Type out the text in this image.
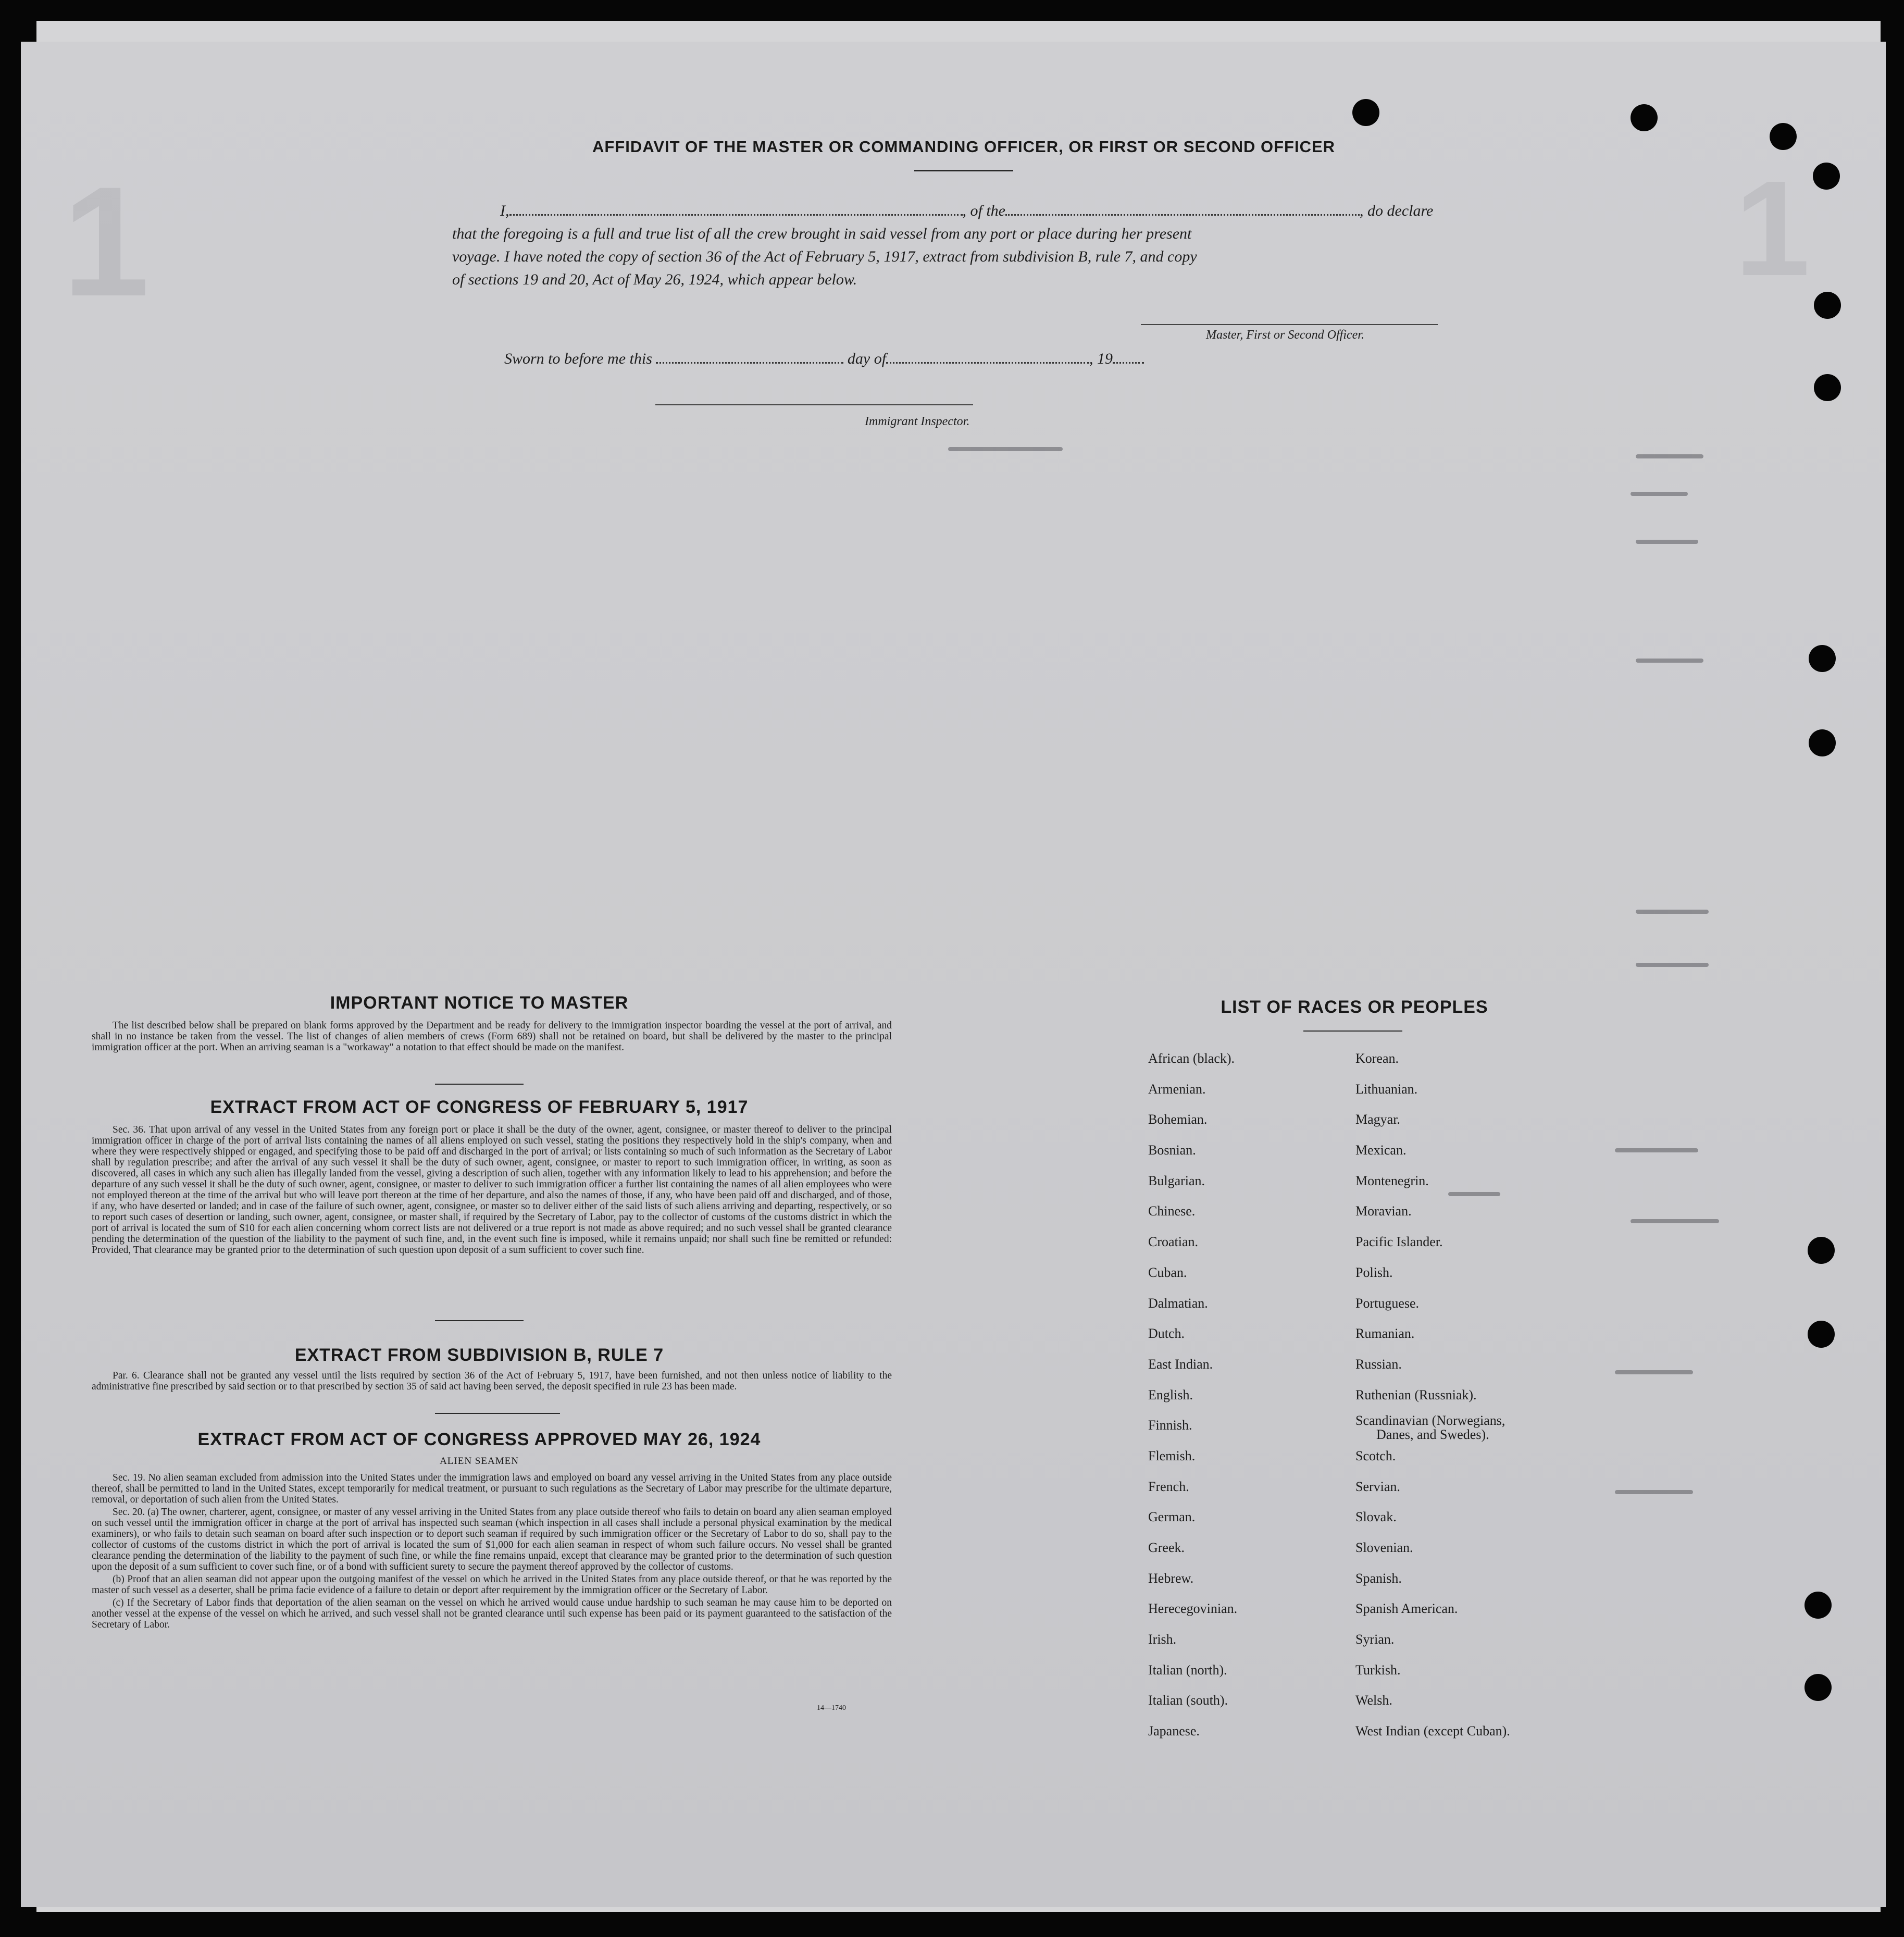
1	1
AFFIDAVIT OF THE MASTER OR COMMANDING OFFICER, OR FIRST OR SECOND OFFICER
I,	, of the	, do declare
that the foregoing is a full and true list of all the crew brought in said vessel from any port or place during her present
voyage. I have noted the copy of section 36 of the Act of February 5, 1917, extract from subdivision B, rule 7, and copy
of sections 19 and 20, Act of May 26, 1924, which appear below.
Master, First or Second Officer.
Sworn to before me this	day of	, 19
Immigrant Inspector.
IMPORTANT NOTICE TO MASTER

The list described below shall be prepared on blank forms approved by the Department and be ready for delivery to the immigration inspector boarding the vessel at the port of arrival, and shall in no instance be taken from the vessel. The list of changes of alien members of crews (Form 689) shall not be retained on board, but shall be delivered by the master to the principal immigration officer at the port. When an arriving seaman is a "workaway" a notation to that effect should be made on the manifest.

EXTRACT FROM ACT OF CONGRESS OF FEBRUARY 5, 1917

Sec. 36. That upon arrival of any vessel in the United States from any foreign port or place it shall be the duty of the owner, agent, consignee, or master thereof to deliver to the principal immigration officer in charge of the port of arrival lists containing the names of all aliens employed on such vessel, stating the positions they respectively hold in the ship's company, when and where they were respectively shipped or engaged, and specifying those to be paid off and discharged in the port of arrival; or lists containing so much of such information as the Secretary of Labor shall by regulation prescribe; and after the arrival of any such vessel it shall be the duty of such owner, agent, consignee, or master to report to such immigration officer, in writing, as soon as discovered, all cases in which any such alien has illegally landed from the vessel, giving a description of such alien, together with any information likely to lead to his apprehension; and before the departure of any such vessel it shall be the duty of such owner, agent, consignee, or master to deliver to such immigration officer a further list containing the names of all alien employees who were not employed thereon at the time of the arrival but who will leave port thereon at the time of her departure, and also the names of those, if any, who have been paid off and discharged, and of those, if any, who have deserted or landed; and in case of the failure of such owner, agent, consignee, or master so to deliver either of the said lists of such aliens arriving and departing, respectively, or so to report such cases of desertion or landing, such owner, agent, consignee, or master shall, if required by the Secretary of Labor, pay to the collector of customs of the customs district in which the port of arrival is located the sum of $10 for each alien concerning whom correct lists are not delivered or a true report is not made as above required; and no such vessel shall be granted clearance pending the determination of the question of the liability to the payment of such fine, and, in the event such fine is imposed, while it remains unpaid; nor shall such fine be remitted or refunded: Provided, That clearance may be granted prior to the determination of such question upon deposit of a sum sufficient to cover such fine.

EXTRACT FROM SUBDIVISION B, RULE 7

Par. 6. Clearance shall not be granted any vessel until the lists required by section 36 of the Act of February 5, 1917, have been furnished, and not then unless notice of liability to the administrative fine prescribed by said section or to that prescribed by section 35 of said act having been served, the deposit specified in rule 23 has been made.

EXTRACT FROM ACT OF CONGRESS APPROVED MAY 26, 1924
ALIEN SEAMEN

Sec. 19. No alien seaman excluded from admission into the United States under the immigration laws and employed on board any vessel arriving in the United States from any place outside thereof, shall be permitted to land in the United States, except temporarily for medical treatment, or pursuant to such regulations as the Secretary of Labor may prescribe for the ultimate departure, removal, or deportation of such alien from the United States.

Sec. 20. (a) The owner, charterer, agent, consignee, or master of any vessel arriving in the United States from any place outside thereof who fails to detain on board any alien seaman employed on such vessel until the immigration officer in charge at the port of arrival has inspected such seaman (which inspection in all cases shall include a personal physical examination by the medical examiners), or who fails to detain such seaman on board after such inspection or to deport such seaman if required by such immigration officer or the Secretary of Labor to do so, shall pay to the collector of customs of the customs district in which the port of arrival is located the sum of $1,000 for each alien seaman in respect of whom such failure occurs. No vessel shall be granted clearance pending the determination of the liability to the payment of such fine, or while the fine remains unpaid, except that clearance may be granted prior to the determination of such question upon the deposit of a sum sufficient to cover such fine, or of a bond with sufficient surety to secure the payment thereof approved by the collector of customs.

(b) Proof that an alien seaman did not appear upon the outgoing manifest of the vessel on which he arrived in the United States from any place outside thereof, or that he was reported by the master of such vessel as a deserter, shall be prima facie evidence of a failure to detain or deport after requirement by the immigration officer or the Secretary of Labor.

(c) If the Secretary of Labor finds that deportation of the alien seaman on the vessel on which he arrived would cause undue hardship to such seaman he may cause him to be deported on another vessel at the expense of the vessel on which he arrived, and such vessel shall not be granted clearance until such expense has been paid or its payment guaranteed to the satisfaction of the Secretary of Labor.

14—1740
LIST OF RACES OR PEOPLES
African (black).
Armenian.
Bohemian.
Bosnian.
Bulgarian.
Chinese.
Croatian.
Cuban.
Dalmatian.
Dutch.
East Indian.
English.
Finnish.
Flemish.
French.
German.
Greek.
Hebrew.
Herecegovinian.
Irish.
Italian (north).
Italian (south).
Japanese.
Korean.
Lithuanian.
Magyar.
Mexican.
Montenegrin.
Moravian.
Pacific Islander.
Polish.
Portuguese.
Rumanian.
Russian.
Ruthenian (Russniak).
Scandinavian (Norwegians,
Danes, and Swedes).
Scotch.
Servian.
Slovak.
Slovenian.
Spanish.
Spanish American.
Syrian.
Turkish.
Welsh.
West Indian (except Cuban).
